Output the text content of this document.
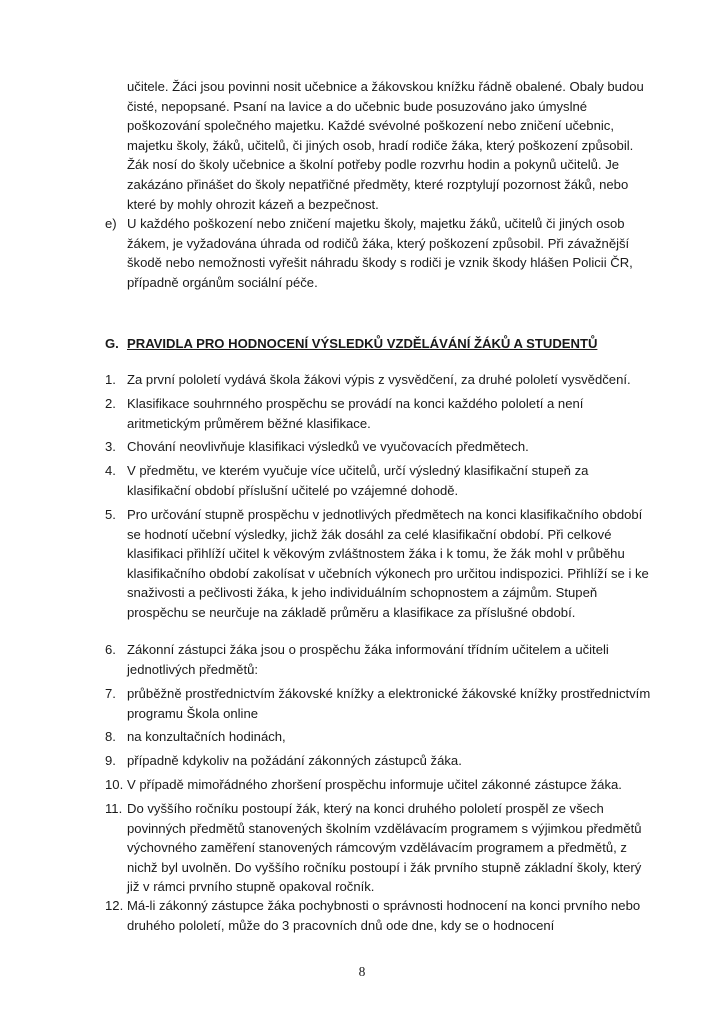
učitele. Žáci jsou povinni nosit učebnice a žákovskou knížku řádně obalené. Obaly budou čisté, nepopsané. Psaní na lavice a do učebnic bude posuzováno jako úmyslné poškozování společného majetku. Každé svévolné poškození nebo zničení učebnic, majetku školy, žáků, učitelů, či jiných osob, hradí rodiče žáka, který poškození způsobil. Žák nosí do školy učebnice a školní potřeby podle rozvrhu hodin a pokynů učitelů. Je zakázáno přinášet do školy nepatřičné předměty, které rozptylují pozornost žáků, nebo které by mohly ohrozit kázeň a bezpečnost.

e) U každého poškození nebo zničení majetku školy, majetku žáků, učitelů či jiných osob žákem, je vyžadována úhrada od rodičů žáka, který poškození způsobil. Při závažnější škodě nebo nemožnosti vyřešit náhradu škody s rodiči je vznik škody hlášen Policii ČR, případně orgánům sociální péče.

G. PRAVIDLA PRO HODNOCENÍ VÝSLEDKŮ VZDĚLÁVÁNÍ ŽÁKŮ A STUDENTŮ
1. Za první pololetí vydává škola žákovi výpis z vysvědčení, za druhé pololetí vysvědčení.

2. Klasifikace souhrnného prospěchu se provádí na konci každého pololetí a není aritmetickým průměrem běžné klasifikace.

3. Chování neovlivňuje klasifikaci výsledků ve vyučovacích předmětech.

4. V předmětu, ve kterém vyučuje více učitelů, určí výsledný klasifikační stupeň za klasifikační období příslušní učitelé po vzájemné dohodě.

5. Pro určování stupně prospěchu v jednotlivých předmětech na konci klasifikačního období se hodnotí učební výsledky, jichž žák dosáhl za celé klasifikační období. Při celkové klasifikaci přihlíží učitel k věkovým zvláštnostem žáka i k tomu, že žák mohl v průběhu klasifikačního období zakolísat v učebních výkonech pro určitou indispozici. Přihlíží se i ke snaživosti a pečlivosti žáka, k jeho individuálním schopnostem a zájmům. Stupeň prospěchu se neurčuje na základě průměru a klasifikace za příslušné období.

6. Zákonní zástupci žáka jsou o prospěchu žáka informování třídním učitelem a učiteli jednotlivých předmětů:

7. průběžně prostřednictvím žákovské knížky a elektronické žákovské knížky prostřednictvím programu Škola online

8. na konzultačních hodinách,

9. případně kdykoliv na požádání zákonných zástupců žáka.

10. V případě mimořádného zhoršení prospěchu informuje učitel zákonné zástupce žáka.

11. Do vyššího ročníku postoupí žák, který na konci druhého pololetí prospěl ze všech povinných předmětů stanovených školním vzdělávacím programem s výjimkou předmětů výchovného zaměření stanovených rámcovým vzdělávacím programem a předmětů, z nichž byl uvolněn. Do vyššího ročníku postoupí i žák prvního stupně základní školy, který již v rámci prvního stupně opakoval ročník.

12. Má-li zákonný zástupce žáka pochybnosti o správnosti hodnocení na konci prvního nebo druhého pololetí, může do 3 pracovních dnů ode dne, kdy se o hodnocení

8
